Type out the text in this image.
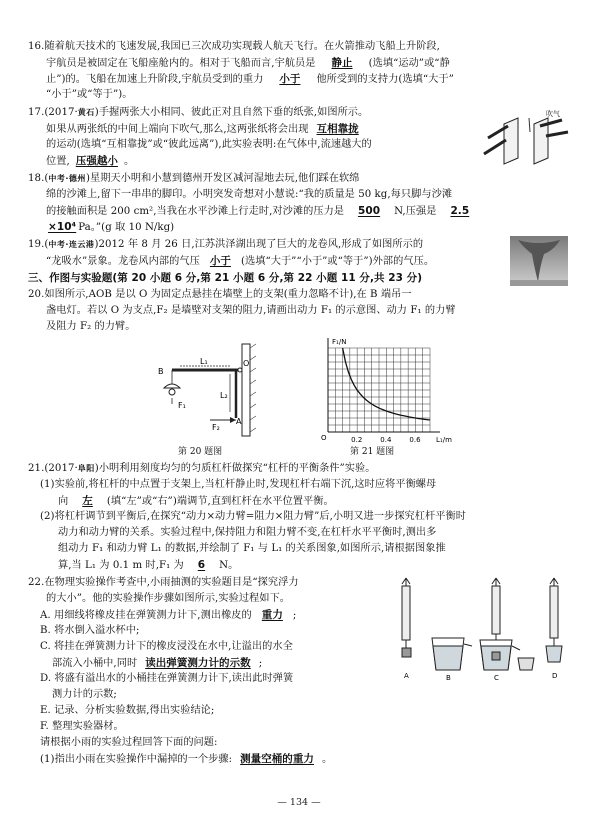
16.随着航天技术的飞速发展,我国已三次成功实现载人航天飞行。在火箭推动飞船上升阶段,
宇航员是被固定在飞船座舱内的。相对于飞船而言,宇航员是 静止 (选填“运动”或“静
止”)的。飞船在加速上升阶段,宇航员受到的重力 小于 他所受到的支持力(选填“大于”
“小于”或“等于”)。
17.(2017·黄石)手握两张大小相同、彼此正对且自然下垂的纸张,如图所示。
如果从两张纸的中间上端向下吹气,那么,这两张纸将会出现 互相靠拢
的运动(选填“互相靠拢”或“彼此远离”),此实验表明:在气体中,流速越大的
位置, 压强越小 。
吹气
18.(中考·德州)星期天小明和小慧到德州开发区减河湿地去玩,他们踩在软绵
绵的沙滩上,留下一串串的脚印。小明突发奇想对小慧说:“我的质量是 50 kg,每只脚与沙滩
的接触面积是 200 cm²,当我在水平沙滩上行走时,对沙滩的压力是 500 N,压强是 2.5
×10⁴ Pa。”(g 取 10 N/kg)
19.(中考·连云港)2012 年 8 月 26 日,江苏洪泽湖出现了巨大的龙卷风,形成了如图所示的
“龙吸水”景象。龙卷风内部的气压 小于 (选填“大于”“小于”或“等于”)外部的气压。
三、作图与实验题(第 20 小题 6 分,第 21 小题 6 分,第 22 小题 11 分,共 23 分)
20.如图所示,AOB 是以 O 为固定点悬挂在墙壁上的支架(重力忽略不计),在 B 端吊一
盏电灯。若以 O 为支点,F₂ 是墙壁对支架的阻力,请画出动力 F₁ 的示意图、动力 F₁ 的力臂
及阻力 F₂ 的力臂。
L₁
L₂
B
O
A
F₁
F₂
F₁/N
L₁/m
O	0.2	0.4	0.6
第 20 题图	第 21 题图
21.(2017·阜阳)小明利用刻度均匀的匀质杠杆做探究“杠杆的平衡条件”实验。
(1)实验前,将杠杆的中点置于支架上,当杠杆静止时,发现杠杆右端下沉,这时应将平衡螺母
向 左 (填“左”或“右”)端调节,直到杠杆在水平位置平衡。
(2)将杠杆调节到平衡后,在探究“动力×动力臂=阻力×阻力臂”后,小明又进一步探究杠杆平衡时
动力和动力臂的关系。实验过程中,保持阻力和阻力臂不变,在杠杆水平平衡时,测出多
组动力 F₁ 和动力臂 L₁ 的数据,并绘制了 F₁ 与 L₁ 的关系图象,如图所示,请根据图象推
算,当 L₁ 为 0.1 m 时,F₁ 为 6 N。
22.在物理实验操作考查中,小雨抽测的实验题目是“探究浮力
的大小”。他的实验操作步骤如图所示,实验过程如下。
A. 用细线将橡皮挂在弹簧测力计下,测出橡皮的 重力 ;
B. 将水倒入溢水杯中;
C. 将挂在弹簧测力计下的橡皮浸没在水中,让溢出的水全
部流入小桶中,同时 读出弹簧测力计的示数 ;
D. 将盛有溢出水的小桶挂在弹簧测力计下,读出此时弹簧
测力计的示数;
E. 记录、分析实验数据,得出实验结论;
F. 整理实验器材。
请根据小雨的实验过程回答下面的问题:
(1)指出小雨在实验操作中漏掉的一个步骤: 测量空桶的重力 。
A	B	C	D
— 134 —
